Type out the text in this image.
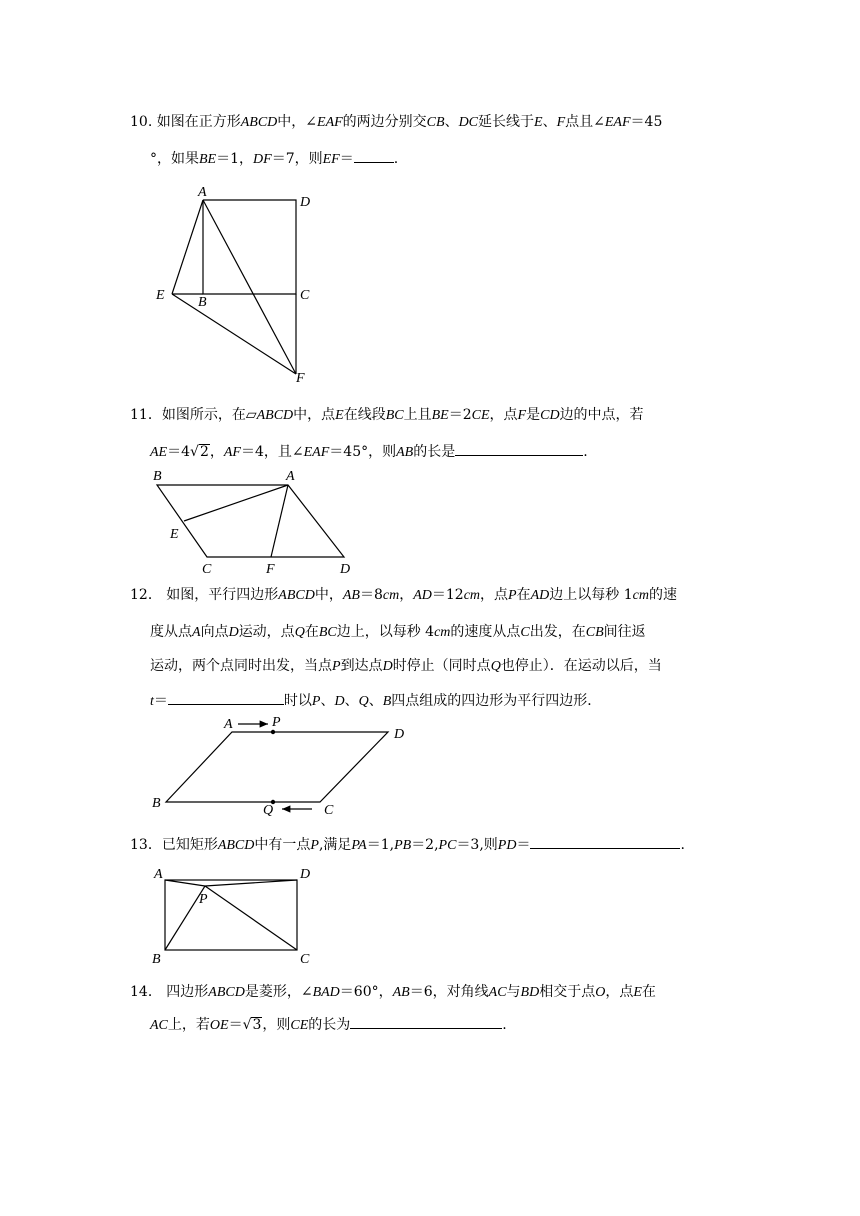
10. 如图在正方形ABCD中，∠EAF的两边分别交CB、DC延长线于E、F点且∠EAF＝45
°，如果BE＝1，DF＝7，则EF＝	.
A
D
E B	C
F
11．如图所示，在▱ABCD中，点E在线段BC上且BE＝2CE，点F是CD边的中点，若
AE＝4√2，AF＝4，且∠EAF＝45°，则AB的长是	.
B	A
E
C	F	D
12． 如图，平行四边形ABCD中，AB＝8cm，AD＝12cm，点P在AD边上以每秒 1cm的速
度从点A向点D运动，点Q在BC边上，以每秒 4cm的速度从点C出发，在CB间往返
运动，两个点同时出发，当点P到达点D时停止（同时点Q也停止）．在运动以后，当
t＝	时以P、D、Q、B四点组成的四边形为平行四边形．
A	P
D
B	Q	C
13．已知矩形ABCD中有一点P,满足PA＝1,PB＝2,PC＝3,则PD＝	.
A	D
P
B	C
14． 四边形ABCD是菱形，∠BAD＝60°，AB＝6，对角线AC与BD相交于点O，点E在
AC上，若OE＝√3，则CE的长为	.
